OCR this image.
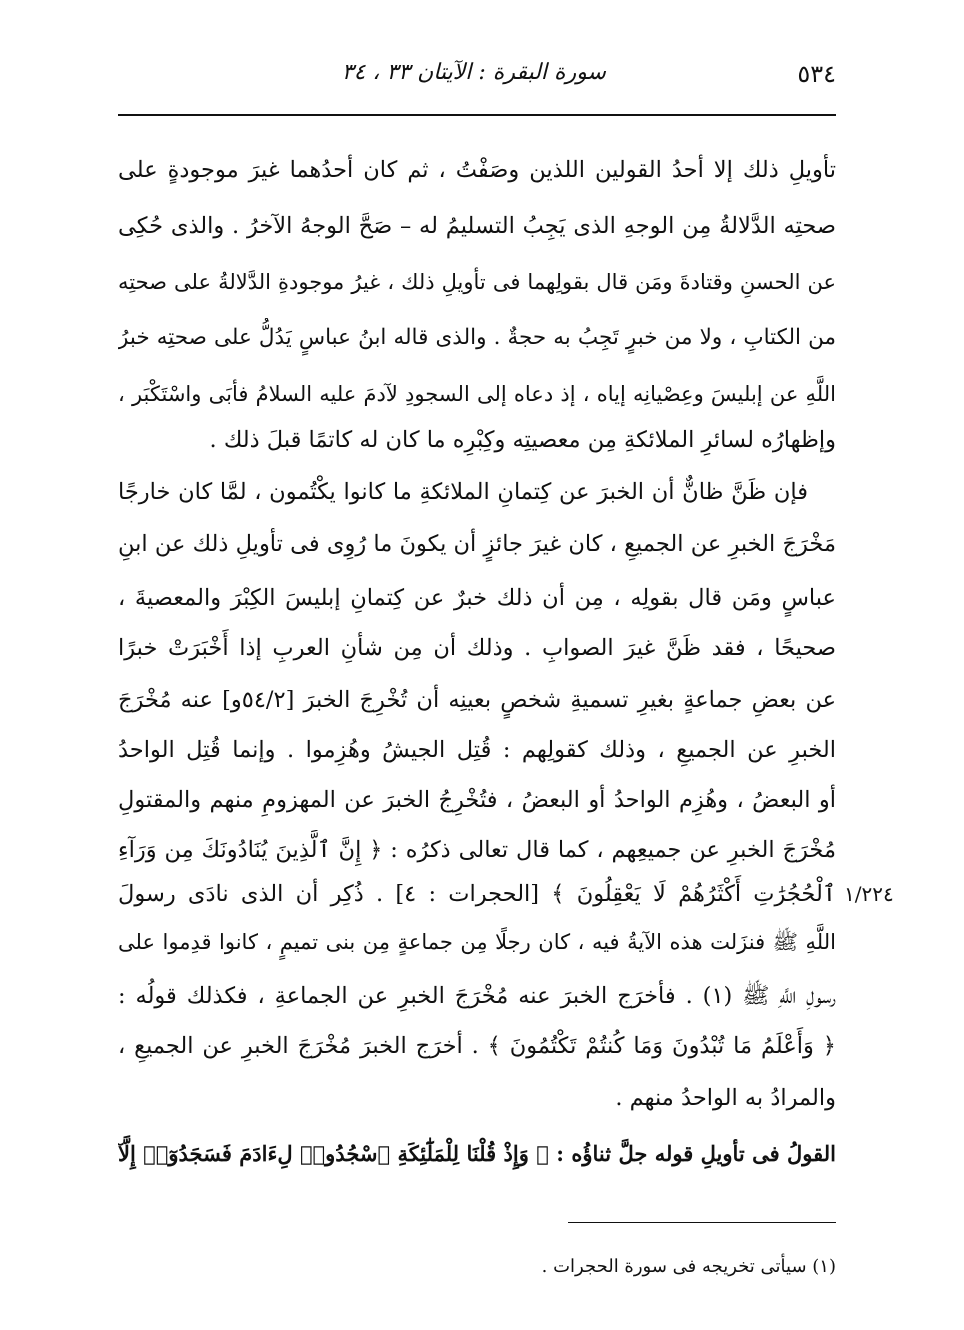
٥٣٤
سورة البقرة : الآيتان ٣٣ ، ٣٤
تأويلِ ذلك إلا أحدُ القولين اللذين وصَفْتُ ، ثم كان أحدُهما غيرَ موجودةٍ على
صحتِه الدَّلالةُ مِن الوجهِ الذى يَجِبُ التسليمُ له – صَحَّ الوجهُ الآخرُ . والذى حُكِى
عن الحسنِ وقتادةَ ومَن قال بقولِهما فى تأويلِ ذلك ، غيرُ موجودةِ الدَّلالةُ على صحتِه
من الكتابِ ، ولا من خبرٍ تَجِبُ به حجةٌ . والذى قاله ابنُ عباسٍ يَدُلُّ على صحتِه خبرُ
اللَّهِ عن إبليسَ وعِصْيانِه إياه ، إذ دعاه إلى السجودِ لآدمَ عليه السلامُ فأبَى واسْتَكْبَر ،
وإظهارُه لسائرِ الملائكةِ مِن معصيتِه وكِبْرِه ما كان له كاتمًا قبلَ ذلك .
فإن ظَنَّ ظانٌّ أن الخبرَ عن كِتمانِ الملائكةِ ما كانوا يكْتُمون ، لمَّا كان خارجًا
مَخْرَجَ الخبرِ عن الجميعِ ، كان غيرَ جائزٍ أن يكونَ ما رُوِى فى تأويلِ ذلك عن ابنِ
عباسٍ ومَن قال بقولِه ، مِن أن ذلك خبرٌ عن كِتمانِ إبليسَ الكِبْرَ والمعصيةَ ،
صحيحًا ، فقد ظَنَّ غيرَ الصوابِ . وذلك أن مِن شأنِ العربِ إذا أَخْبَرَتْ خبرًا
عن بعضِ جماعةٍ بغيرِ تسميةِ شخصٍ بعينِه أن تُخْرِجَ الخبرَ [٥٤/٢و] عنه مُخْرَجَ
الخبرِ عن الجميعِ ، وذلك كقولِهم : قُتِل الجيشُ وهُزِموا . وإنما قُتِل الواحدُ
أو البعضُ ، وهُزِم الواحدُ أو البعضُ ، فتُخْرِجُ الخبرَ عن المهزومِ منهم والمقتولِ
مُخْرَجَ الخبرِ عن جميعِهم ، كما قال تعالى ذكرُه : ﴿ إِنَّ ٱلَّذِينَ يُنَادُونَكَ مِن وَرَآءِ
ٱلْحُجُرَٰتِ أَكْثَرُهُمْ لَا يَعْقِلُونَ ﴾ [الحجرات : ٤] . ذُكِر أن الذى نادَى رسولَ ١/٢٢٤
اللَّهِ ﷺ فنزَلت هذه الآيةُ فيه ، كان رجلًا مِن جماعةٍ مِن بنى تميمٍ ، كانوا قدِموا على
رسولِ اللَّهِ ﷺ (١) . فأخرَج الخبرَ عنه مُخْرَجَ الخبرِ عن الجماعةِ ، فكذلك قولُه :
﴿ وَأَعْلَمُ مَا تُبْدُونَ وَمَا كُنتُمْ تَكْتُمُونَ ﴾ . أخرَج الخبرَ مُخْرَجَ الخبرِ عن الجميعِ ،
والمرادُ به الواحدُ منهم .
القولُ فى تأويلِ قوله جلَّ ثناؤُه : ﴿ وَإِذْ قُلْنَا لِلْمَلَٰٓئِكَةِ ٱسْجُدُوا۟ لِءَادَمَ فَسَجَدُوٓا۟ إِلَّآ
(١) سيأتى تخريجه فى سورة الحجرات .
